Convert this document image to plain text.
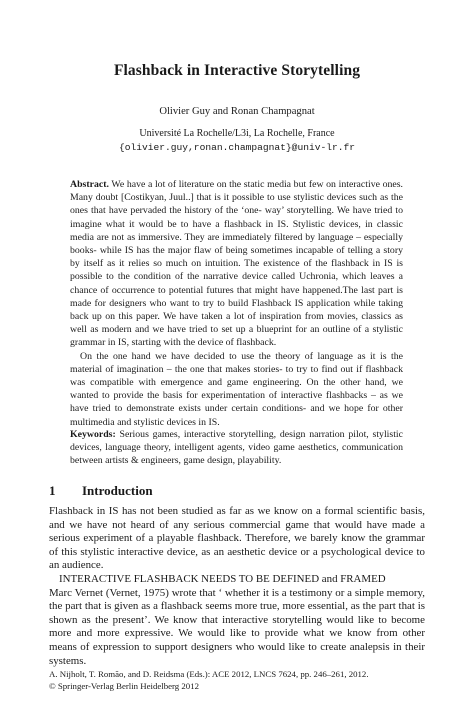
Flashback in Interactive Storytelling
Olivier Guy and Ronan Champagnat
Université La Rochelle/L3i, La Rochelle, France
{olivier.guy,ronan.champagnat}@univ-lr.fr

Abstract. We have a lot of literature on the static media but few on interactive ones. Many doubt [Costikyan, Juul..] that is it possible to use stylistic devices such as the ones that have pervaded the history of the ‘one- way’ storytelling. We have tried to imagine what it would be to have a flashback in IS. Stylistic devices, in classic media are not as immersive. They are immediately filtered by language – especially books- while IS has the major flaw of being sometimes incapable of telling a story by itself as it relies so much on intuition. The existence of the flashback in IS is possible to the condition of the narrative device called Uchronia, which leaves a chance of occurrence to potential futures that might have happened.The last part is made for designers who want to try to build Flashback IS application while taking back up on this paper. We have taken a lot of inspiration from movies, classics as well as modern and we have tried to set up a blueprint for an outline of a stylistic grammar in IS, starting with the device of flashback.

On the one hand we have decided to use the theory of language as it is the material of imagination – the one that makes stories- to try to find out if flashback was compatible with emergence and game engineering. On the other hand, we wanted to provide the basis for experimentation of interactive flashbacks – as we have tried to demonstrate exists under certain conditions- and we hope for other multimedia and stylistic devices in IS.

Keywords: Serious games, interactive storytelling, design narration pilot, stylistic devices, language theory, intelligent agents, video game aesthetics, communication between artists & engineers, game design, playability.

1 Introduction

Flashback in IS has not been studied as far as we know on a formal scientific basis, and we have not heard of any serious commercial game that would have made a serious experiment of a playable flashback. Therefore, we barely know the grammar of this stylistic interactive device, as an aesthetic device or a psychological device to an audience.

INTERACTIVE FLASHBACK NEEDS TO BE DEFINED and FRAMED

Marc Vernet (Vernet, 1975) wrote that ‘ whether it is a testimony or a simple memory, the part that is given as a flashback seems more true, more essential, as the part that is shown as the present’. We know that interactive storytelling would like to become more and more expressive. We would like to provide what we know from other means of expression to support designers who would like to create analepsis in their systems.

A. Nijholt, T. Romão, and D. Reidsma (Eds.): ACE 2012, LNCS 7624, pp. 246–261, 2012.
© Springer-Verlag Berlin Heidelberg 2012
